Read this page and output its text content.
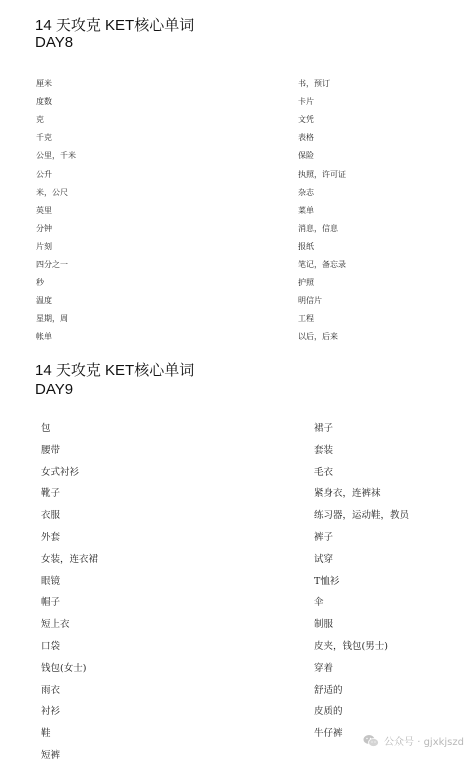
14 天攻克 KET核心单词
DAY8
厘米
度数
克
千克
公里，千米
公升
米，公尺
英里
分钟
片刻
四分之一
秒
温度
星期，周
帐单
书，预订
卡片
文凭
表格
保险
执照，许可证
杂志
菜单
消息，信息
报纸
笔记，备忘录
护照
明信片
工程
以后，后来
14 天攻克 KET核心单词
DAY9
包
腰带
女式衬衫
靴子
衣服
外套
女装，连衣裙
眼镜
帽子
短上衣
口袋
钱包(女士)
雨衣
衬衫
鞋
短裤
裙子
套装
毛衣
紧身衣，连裤袜
练习器，运动鞋，教员
裤子
试穿
T恤衫
伞
制服
皮夹，钱包(男士)
穿着
舒适的
皮质的
牛仔裤
公众号 · gjxkjszd
